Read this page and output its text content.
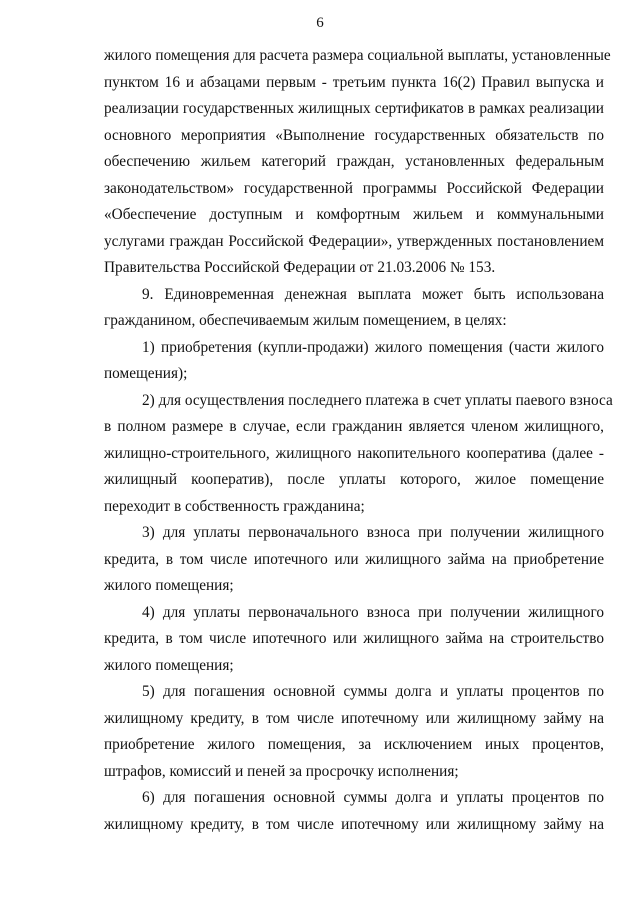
6
жилого помещения для расчета размера социальной выплаты, установленные
пунктом 16 и абзацами первым - третьим пункта 16(2) Правил выпуска и
реализации государственных жилищных сертификатов в рамках реализации
основного мероприятия «Выполнение государственных обязательств по
обеспечению жильем категорий граждан, установленных федеральным
законодательством» государственной программы Российской Федерации
«Обеспечение доступным и комфортным жильем и коммунальными
услугами граждан Российской Федерации», утвержденных постановлением
Правительства Российской Федерации от 21.03.2006 № 153.
9. Единовременная денежная выплата может быть использована
гражданином, обеспечиваемым жилым помещением, в целях:
1) приобретения (купли-продажи) жилого помещения (части жилого
помещения);
2) для осуществления последнего платежа в счет уплаты паевого взноса
в полном размере в случае, если гражданин является членом жилищного,
жилищно-строительного, жилищного накопительного кооператива (далее -
жилищный кооператив), после уплаты которого, жилое помещение
переходит в собственность гражданина;
3) для уплаты первоначального взноса при получении жилищного
кредита, в том числе ипотечного или жилищного займа на приобретение
жилого помещения;
4) для уплаты первоначального взноса при получении жилищного
кредита, в том числе ипотечного или жилищного займа на строительство
жилого помещения;
5) для погашения основной суммы долга и уплаты процентов по
жилищному кредиту, в том числе ипотечному или жилищному займу на
приобретение жилого помещения, за исключением иных процентов,
штрафов, комиссий и пеней за просрочку исполнения;
6) для погашения основной суммы долга и уплаты процентов по
жилищному кредиту, в том числе ипотечному или жилищному займу на
